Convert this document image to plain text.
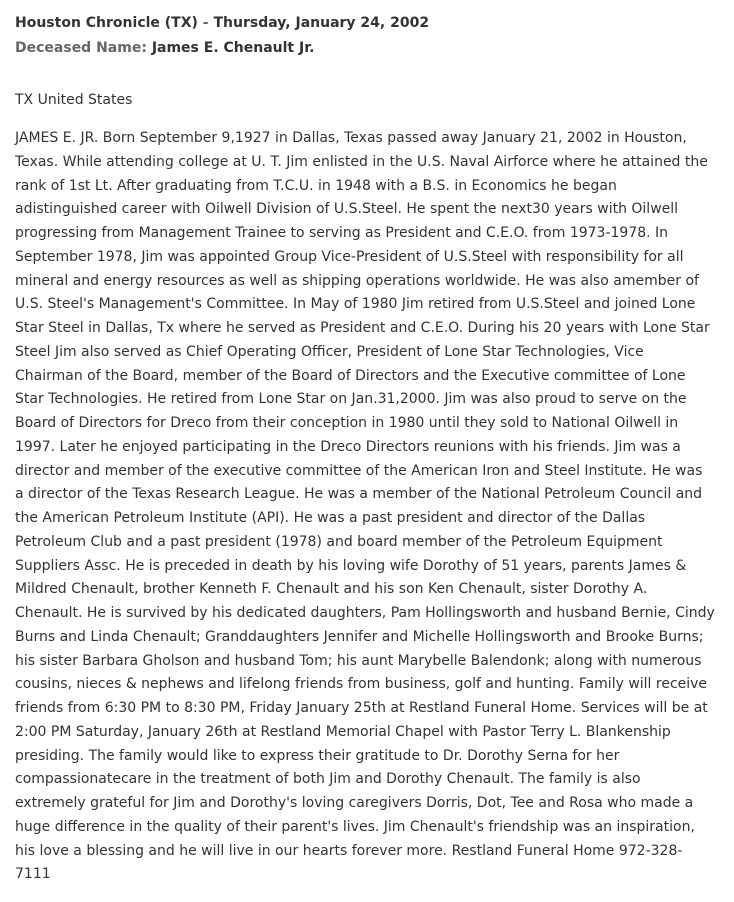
Houston Chronicle (TX) - Thursday, January 24, 2002
Deceased Name: James E. Chenault Jr.
TX United States
JAMES E. JR. Born September 9,1927 in Dallas, Texas passed away January 21, 2002 in Houston, Texas. While attending college at U. T. Jim enlisted in the U.S. Naval Airforce where he attained the rank of 1st Lt. After graduating from T.C.U. in 1948 with a B.S. in Economics he began adistinguished career with Oilwell Division of U.S.Steel. He spent the next30 years with Oilwell progressing from Management Trainee to serving as President and C.E.O. from 1973-1978. In September 1978, Jim was appointed Group Vice-President of U.S.Steel with responsibility for all mineral and energy resources as well as shipping operations worldwide. He was also amember of U.S. Steel's Management's Committee. In May of 1980 Jim retired from U.S.Steel and joined Lone Star Steel in Dallas, Tx where he served as President and C.E.O. During his 20 years with Lone Star Steel Jim also served as Chief Operating Officer, President of Lone Star Technologies, Vice Chairman of the Board, member of the Board of Directors and the Executive committee of Lone Star Technologies. He retired from Lone Star on Jan.31,2000. Jim was also proud to serve on the Board of Directors for Dreco from their conception in 1980 until they sold to National Oilwell in 1997. Later he enjoyed participating in the Dreco Directors reunions with his friends. Jim was a director and member of the executive committee of the American Iron and Steel Institute. He was a director of the Texas Research League. He was a member of the National Petroleum Council and the American Petroleum Institute (API). He was a past president and director of the Dallas Petroleum Club and a past president (1978) and board member of the Petroleum Equipment Suppliers Assc. He is preceded in death by his loving wife Dorothy of 51 years, parents James & Mildred Chenault, brother Kenneth F. Chenault and his son Ken Chenault, sister Dorothy A. Chenault. He is survived by his dedicated daughters, Pam Hollingsworth and husband Bernie, Cindy Burns and Linda Chenault; Granddaughters Jennifer and Michelle Hollingsworth and Brooke Burns; his sister Barbara Gholson and husband Tom; his aunt Marybelle Balendonk; along with numerous cousins, nieces & nephews and lifelong friends from business, golf and hunting. Family will receive friends from 6:30 PM to 8:30 PM, Friday January 25th at Restland Funeral Home. Services will be at 2:00 PM Saturday, January 26th at Restland Memorial Chapel with Pastor Terry L. Blankenship presiding. The family would like to express their gratitude to Dr. Dorothy Serna for her compassionatecare in the treatment of both Jim and Dorothy Chenault. The family is also extremely grateful for Jim and Dorothy's loving caregivers Dorris, Dot, Tee and Rosa who made a huge difference in the quality of their parent's lives. Jim Chenault's friendship was an inspiration, his love a blessing and he will live in our hearts forever more. Restland Funeral Home 972-328-7111
